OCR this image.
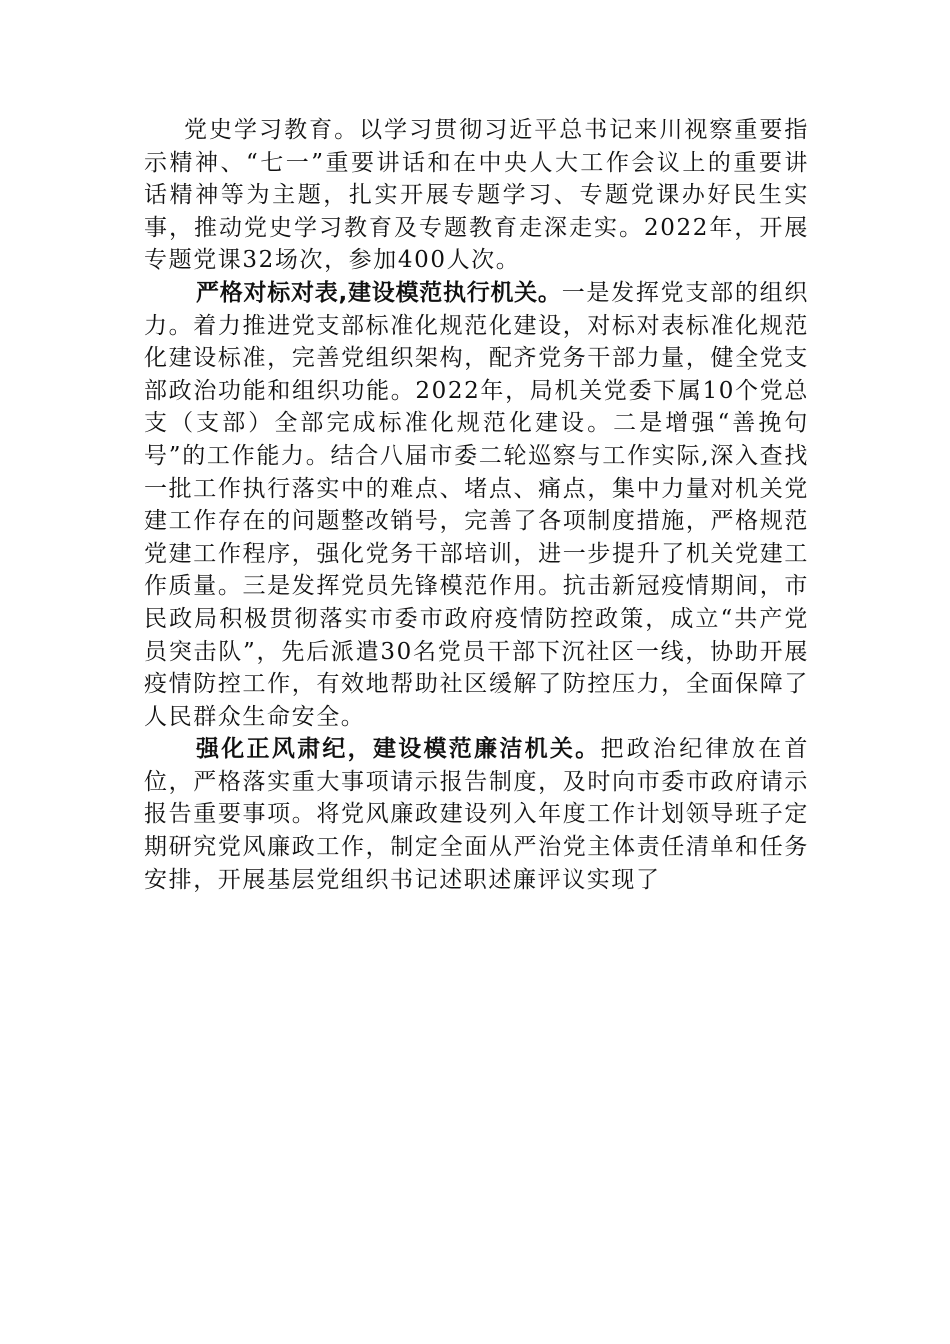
党史学习教育。以学习贯彻习近平总书记来川视察重要指示精神、“七一”重要讲话和在中央人大工作会议上的重要讲话精神等为主题，扎实开展专题学习、专题党课办好民生实事，推动党史学习教育及专题教育走深走实。2022年，开展专题党课32场次，参加400人次。

严格对标对表,建设模范执行机关。一是发挥党支部的组织力。着力推进党支部标准化规范化建设，对标对表标准化规范化建设标准，完善党组织架构，配齐党务干部力量，健全党支部政治功能和组织功能。2022年，局机关党委下属10个党总支（支部）全部完成标准化规范化建设。二是增强“善挽句号”的工作能力。结合八届市委二轮巡察与工作实际,深入查找一批工作执行落实中的难点、堵点、痛点，集中力量对机关党建工作存在的问题整改销号，完善了各项制度措施，严格规范党建工作程序，强化党务干部培训，进一步提升了机关党建工作质量。三是发挥党员先锋模范作用。抗击新冠疫情期间，市民政局积极贯彻落实市委市政府疫情防控政策，成立“共产党员突击队”，先后派遣30名党员干部下沉社区一线，协助开展疫情防控工作，有效地帮助社区缓解了防控压力，全面保障了人民群众生命安全。

强化正风肃纪，建设模范廉洁机关。把政治纪律放在首位，严格落实重大事项请示报告制度，及时向市委市政府请示报告重要事项。将党风廉政建设列入年度工作计划领导班子定期研究党风廉政工作，制定全面从严治党主体责任清单和任务安排，开展基层党组织书记述职述廉评议实现了
